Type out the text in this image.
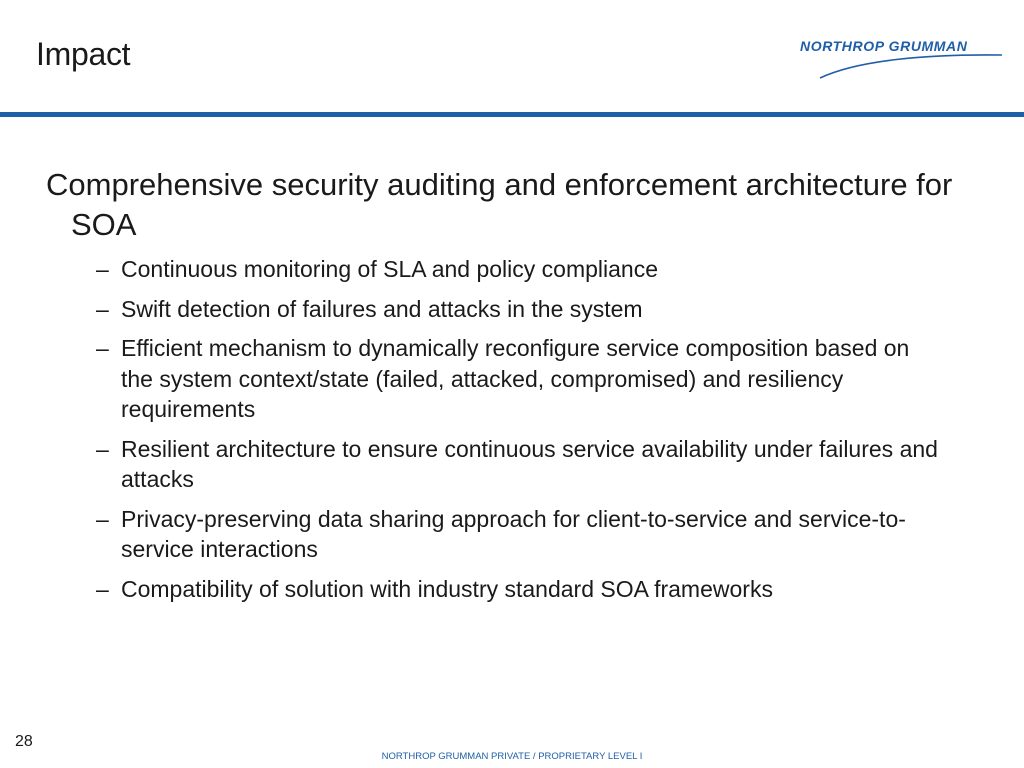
Impact	NORTHROP GRUMMAN
Comprehensive security auditing and enforcement architecture for SOA
– Continuous monitoring of SLA and policy compliance
– Swift detection of failures and attacks in the system
– Efficient mechanism to dynamically reconfigure service composition based on the system context/state (failed, attacked, compromised) and resiliency requirements
– Resilient architecture to ensure continuous service availability under failures and attacks
– Privacy-preserving data sharing approach for client-to-service and service-to-service interactions
– Compatibility of solution with industry standard SOA frameworks
28
NORTHROP GRUMMAN PRIVATE / PROPRIETARY LEVEL I
